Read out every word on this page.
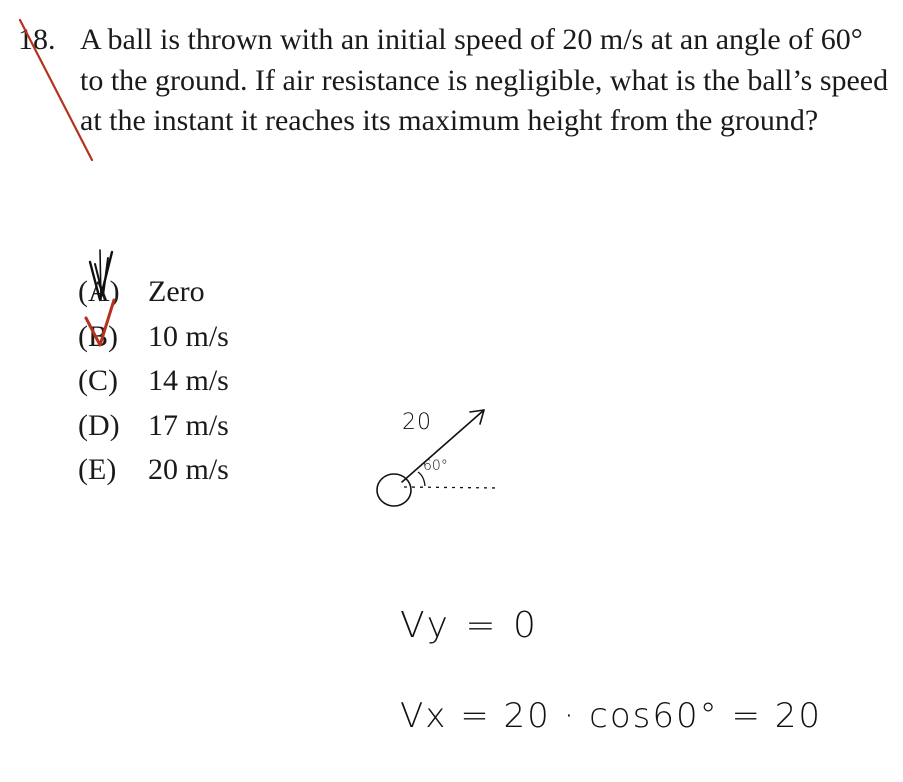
18. A ball is thrown with an initial speed of 20 m/s at an angle of 60° to the ground. If air resistance is negligible, what is the ball’s speed at the instant it reaches its maximum height from the ground?
(A) Zero
(B)	10 m/s
(C)	14 m/s
(D) 17 m/s
(E)	20 m/s
20
60°
Vy = 0
Vx = 20 · cos60° = 20
